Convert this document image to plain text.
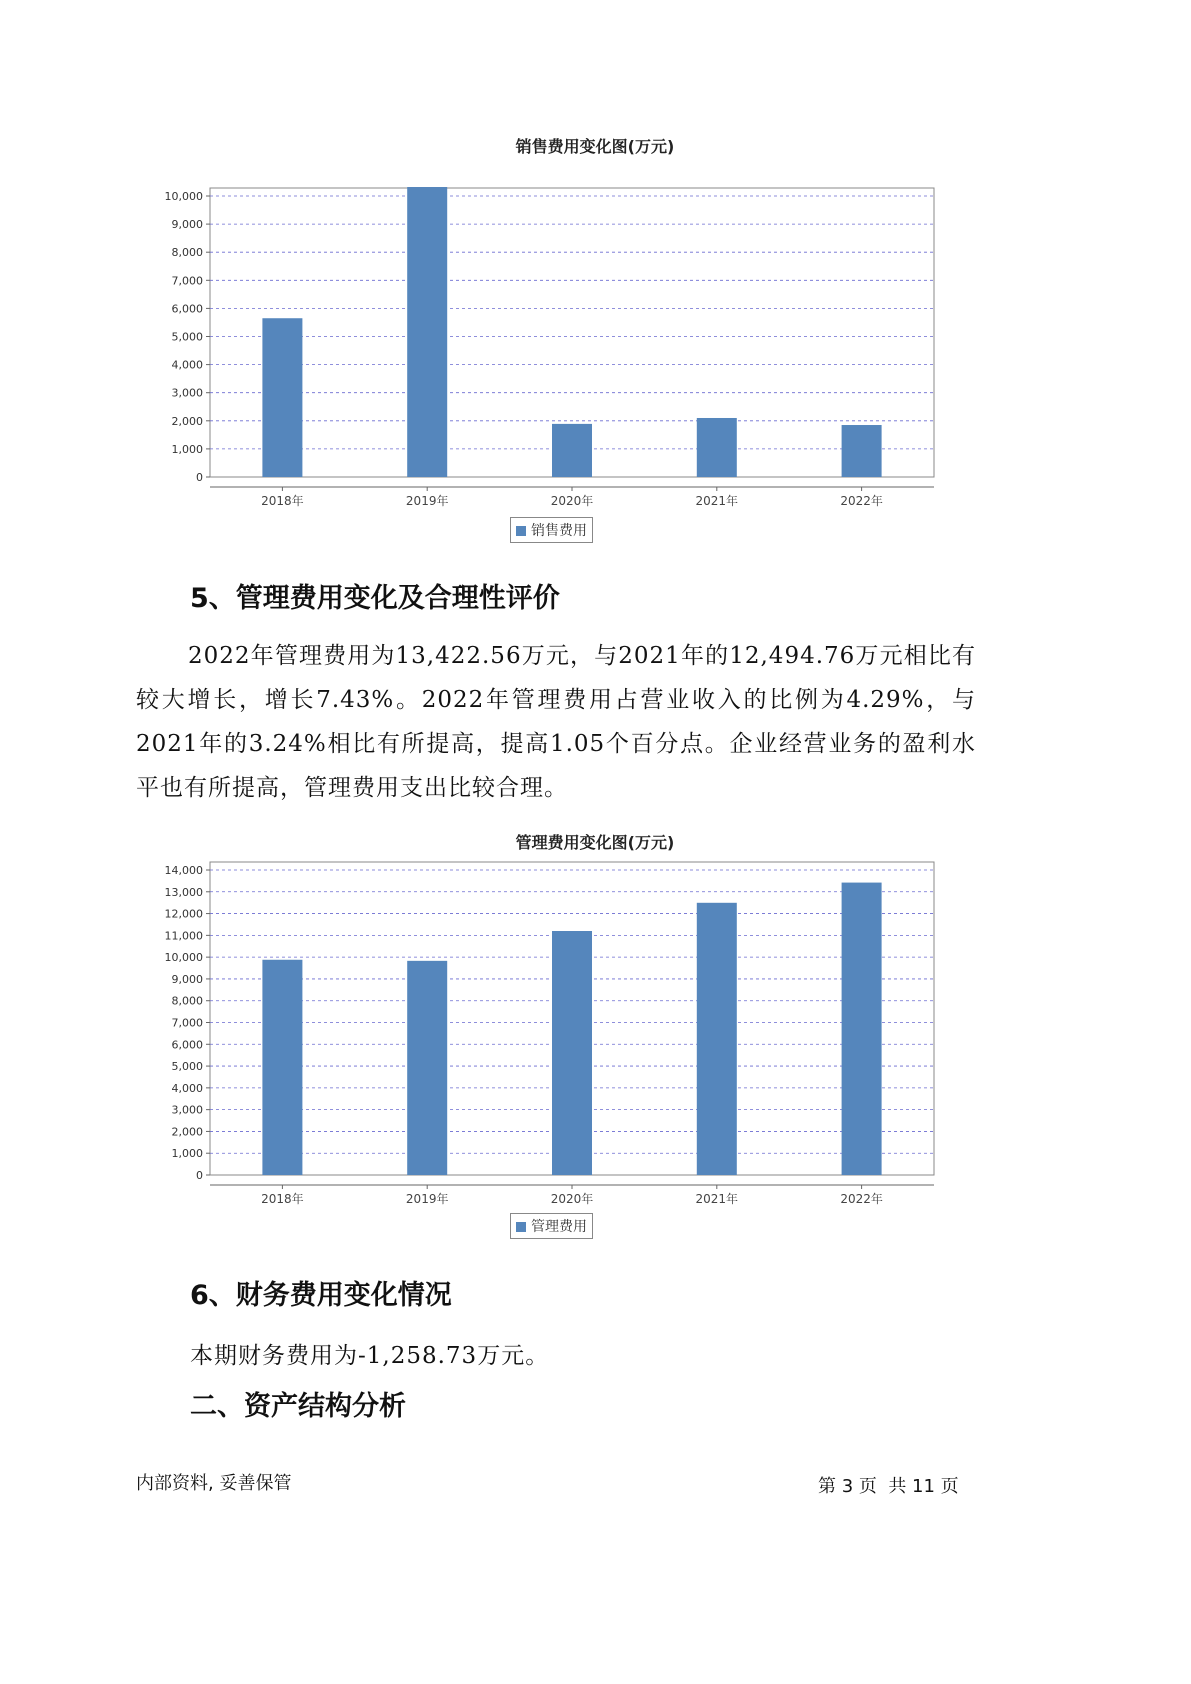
销售费用变化图(万元)
0
1,000
2,000
3,000
4,000
5,000
6,000
7,000
8,000
9,000
10,000
2018年	2019年	2020年	2021年	2022年
销售费用
5、管理费用变化及合理性评价

2022年管理费用为13,422.56万元，与2021年的12,494.76万元相比有较大增长，增长7.43%。2022年管理费用占营业收入的比例为4.29%，与2021年的3.24%相比有所提高，提高1.05个百分点。企业经营业务的盈利水平也有所提高，管理费用支出比较合理。

管理费用变化图(万元)
0
1,000
2,000
3,000
4,000
5,000
6,000
7,000
8,000
9,000
10,000
11,000
12,000
13,000
14,000
2018年	2019年	2020年	2021年	2022年
管理费用
6、财务费用变化情况

本期财务费用为-1,258.73万元。

二、资产结构分析
内部资料, 妥善保管	第 3 页  共 11 页
